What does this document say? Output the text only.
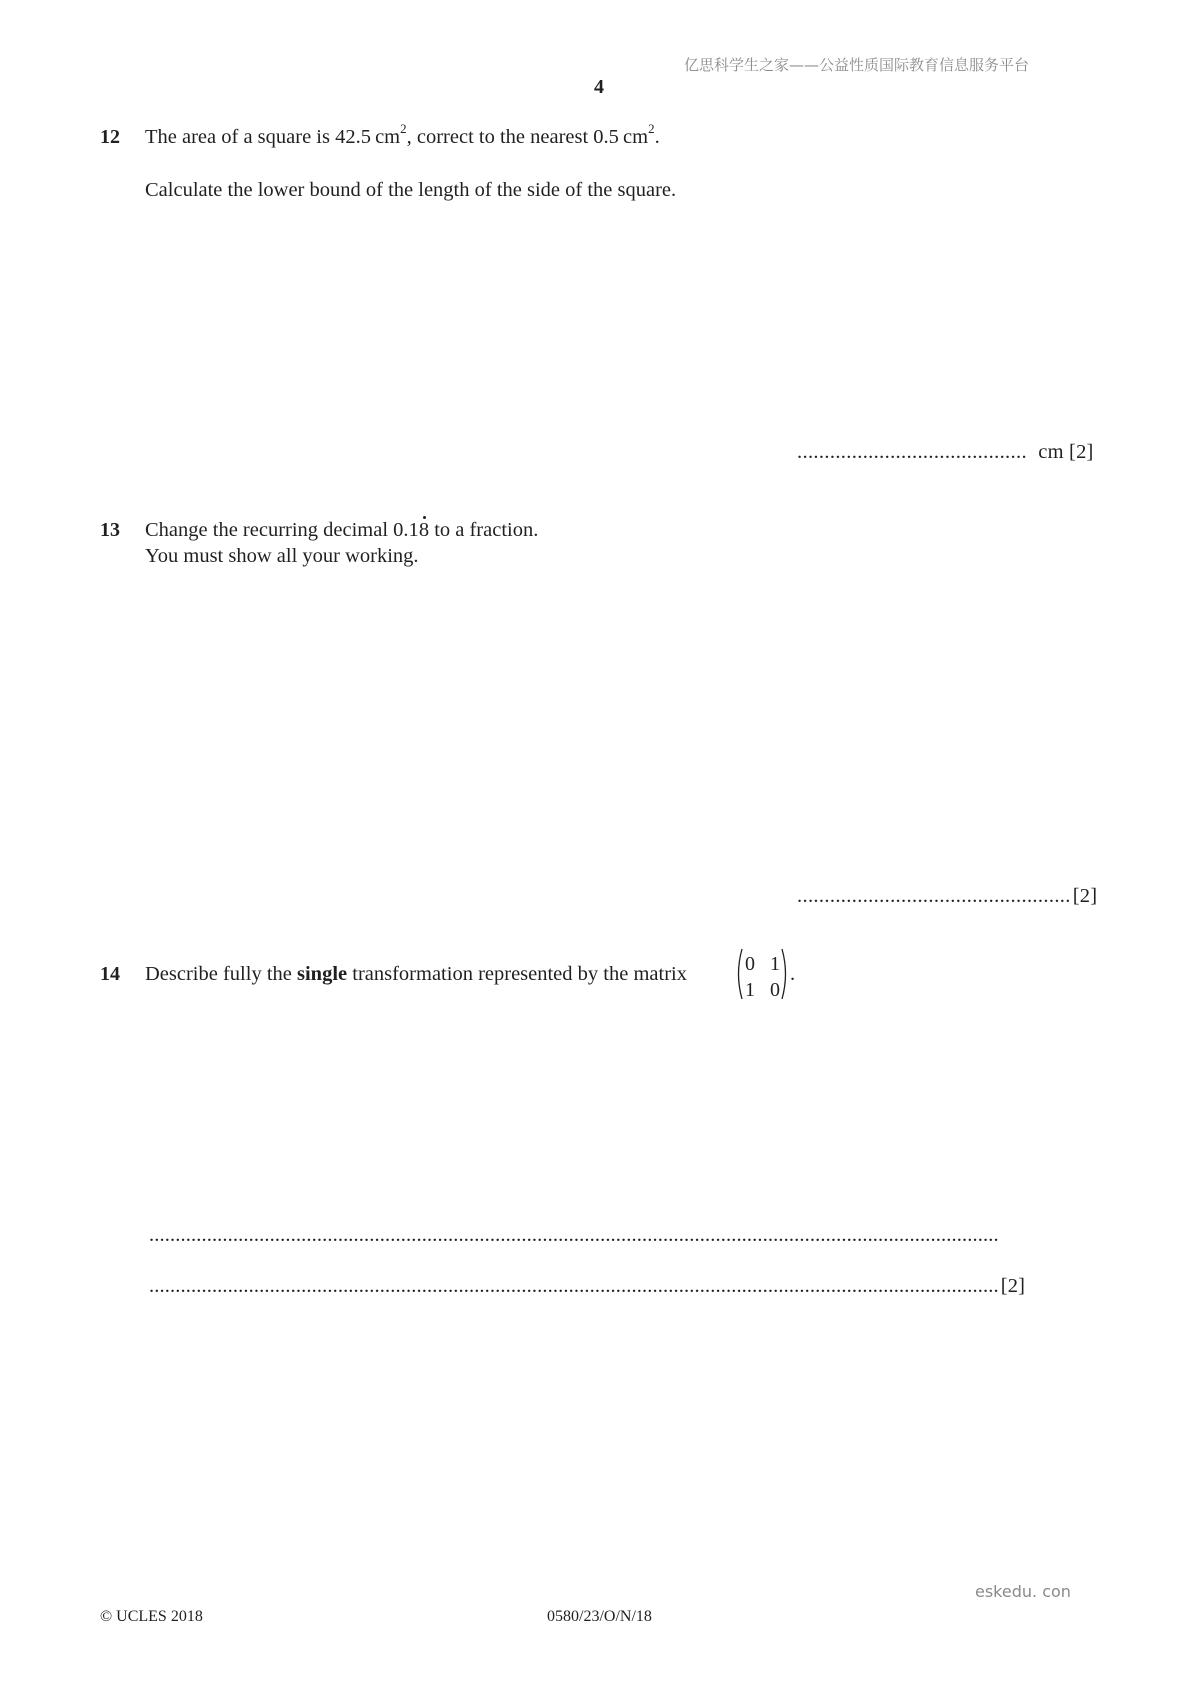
亿思科学生之家——公益性质国际教育信息服务平台
4
12 The area of a square is 42.5 $cm^2$, correct to the nearest 0.5 $cm^2$.
Calculate the lower bound of the length of the side of the square.
.......................................... cm [2]
13 Change the recurring decimal 0.18 to a fraction.
You must show all your working.
..................................................[2]
14 Describe fully the single transformation represented by the matrix	0 1
1 0
.
..................................................................................................................................................................
..................................................................................................................................................................[2]
eskedu. con
© UCLES 2018	0580/23/O/N/18
